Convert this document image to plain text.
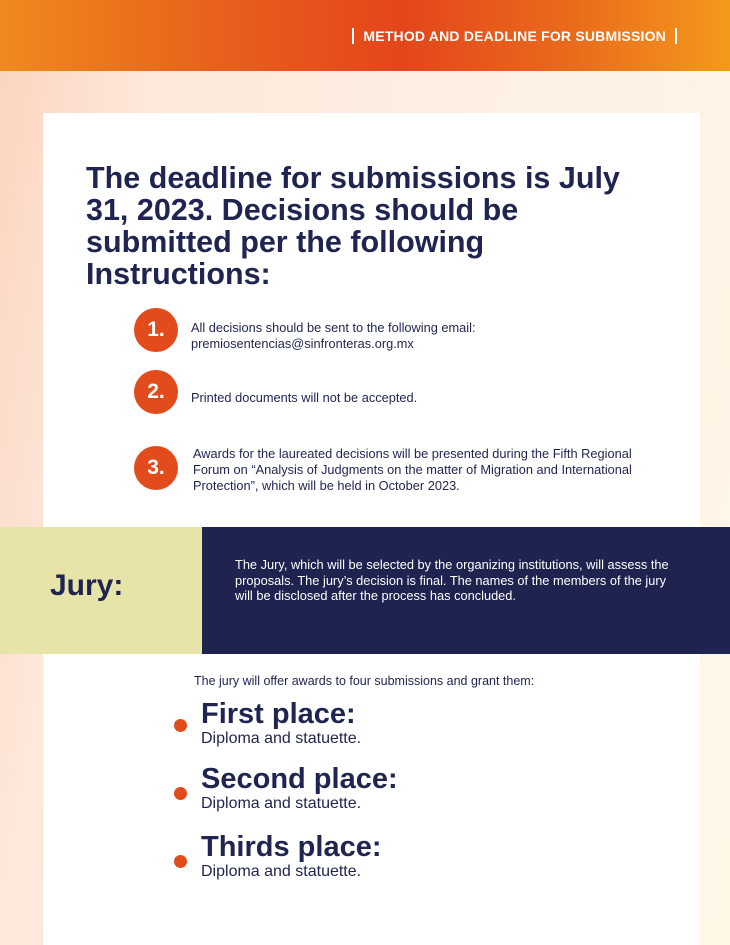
METHOD AND DEADLINE FOR SUBMISSION
The deadline for submissions is July 31, 2023. Decisions should be submitted per the following Instructions:
1.	All decisions should be sent to the following email: premiosentencias@sinfronteras.org.mx
2.	Printed documents will not be accepted.
3.
Awards for the laureated decisions will be presented during the Fifth Regional Forum on “Analysis of Judgments on the matter of Migration and International Protection”, which will be held in October 2023.
Jury:
The Jury, which will be selected by the organizing institutions, will assess the proposals. The jury’s decision is final. The names of the members of the jury will be disclosed after the process has concluded.
The jury will offer awards to four submissions and grant them:
First place:
Diploma and statuette.
Second place:
Diploma and statuette.
Thirds place:
Diploma and statuette.
